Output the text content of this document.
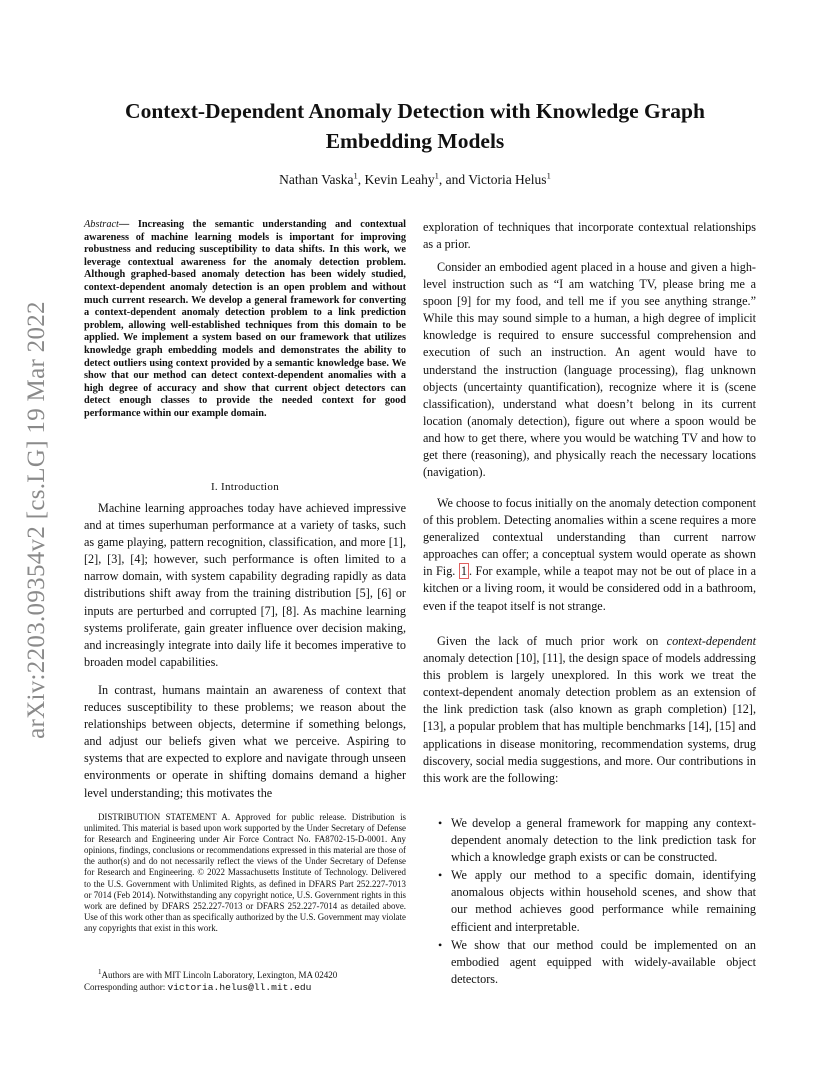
arXiv:2203.09354v2 [cs.LG] 19 Mar 2022
Context-Dependent Anomaly Detection with Knowledge Graph Embedding Models
Nathan Vaska$^1$, Kevin Leahy$^1$, and Victoria Helus$^1$

Abstract— Increasing the semantic understanding and contextual awareness of machine learning models is important for improving robustness and reducing susceptibility to data shifts. In this work, we leverage contextual awareness for the anomaly detection problem. Although graphed-based anomaly detection has been widely studied, context-dependent anomaly detection is an open problem and without much current research. We develop a general framework for converting a context-dependent anomaly detection problem to a link prediction problem, allowing well-established techniques from this domain to be applied. We implement a system based on our framework that utilizes knowledge graph embedding models and demonstrates the ability to detect outliers using context provided by a semantic knowledge base. We show that our method can detect context-dependent anomalies with a high degree of accuracy and show that current object detectors can detect enough classes to provide the needed context for good performance within our example domain.

I. Introduction

Machine learning approaches today have achieved impressive and at times superhuman performance at a variety of tasks, such as game playing, pattern recognition, classification, and more [1], [2], [3], [4]; however, such performance is often limited to a narrow domain, with system capability degrading rapidly as data distributions shift away from the training distribution [5], [6] or inputs are perturbed and corrupted [7], [8]. As machine learning systems proliferate, gain greater influence over decision making, and increasingly integrate into daily life it becomes imperative to broaden model capabilities.

In contrast, humans maintain an awareness of context that reduces susceptibility to these problems; we reason about the relationships between objects, determine if something belongs, and adjust our beliefs given what we perceive. Aspiring to systems that are expected to explore and navigate through unseen environments or operate in shifting domains demand a higher level understanding; this motivates the

DISTRIBUTION STATEMENT A. Approved for public release. Distribution is unlimited. This material is based upon work supported by the Under Secretary of Defense for Research and Engineering under Air Force Contract No. FA8702-15-D-0001. Any opinions, findings, conclusions or recommendations expressed in this material are those of the author(s) and do not necessarily reflect the views of the Under Secretary of Defense for Research and Engineering. © 2022 Massachusetts Institute of Technology. Delivered to the U.S. Government with Unlimited Rights, as defined in DFARS Part 252.227-7013 or 7014 (Feb 2014). Notwithstanding any copyright notice, U.S. Government rights in this work are defined by DFARS 252.227-7013 or DFARS 252.227-7014 as detailed above. Use of this work other than as specifically authorized by the U.S. Government may violate any copyrights that exist in this work.

$^1$Authors are with MIT Lincoln Laboratory, Lexington, MA 02420
Corresponding author: victoria.helus@ll.mit.edu

exploration of techniques that incorporate contextual relationships as a prior.

Consider an embodied agent placed in a house and given a high-level instruction such as “I am watching TV, please bring me a spoon [9] for my food, and tell me if you see anything strange.” While this may sound simple to a human, a high degree of implicit knowledge is required to ensure successful comprehension and execution of such an instruction. An agent would have to understand the instruction (language processing), flag unknown objects (uncertainty quantification), recognize where it is (scene classification), understand what doesn’t belong in its current location (anomaly detection), figure out where a spoon would be and how to get there, where you would be watching TV and how to get there (reasoning), and physically reach the necessary locations (navigation).

We choose to focus initially on the anomaly detection component of this problem. Detecting anomalies within a scene requires a more generalized contextual understanding than current narrow approaches can offer; a conceptual system would operate as shown in Fig. 1 . For example, while a teapot may not be out of place in a kitchen or a living room, it would be considered odd in a bathroom, even if the teapot itself is not strange.

Given the lack of much prior work on context-dependent anomaly detection [10], [11], the design space of models addressing this problem is largely unexplored. In this work we treat the context-dependent anomaly detection problem as an extension of the link prediction task (also known as graph completion) [12], [13], a popular problem that has multiple benchmarks [14], [15] and applications in disease monitoring, recommendation systems, drug discovery, social media suggestions, and more. Our contributions in this work are the following:

• We develop a general framework for mapping any context-dependent anomaly detection to the link prediction task for which a knowledge graph exists or can be constructed.
• We apply our method to a specific domain, identifying anomalous objects within household scenes, and show that our method achieves good performance while remaining efficient and interpretable.
• We show that our method could be implemented on an embodied agent equipped with widely-available object detectors.
